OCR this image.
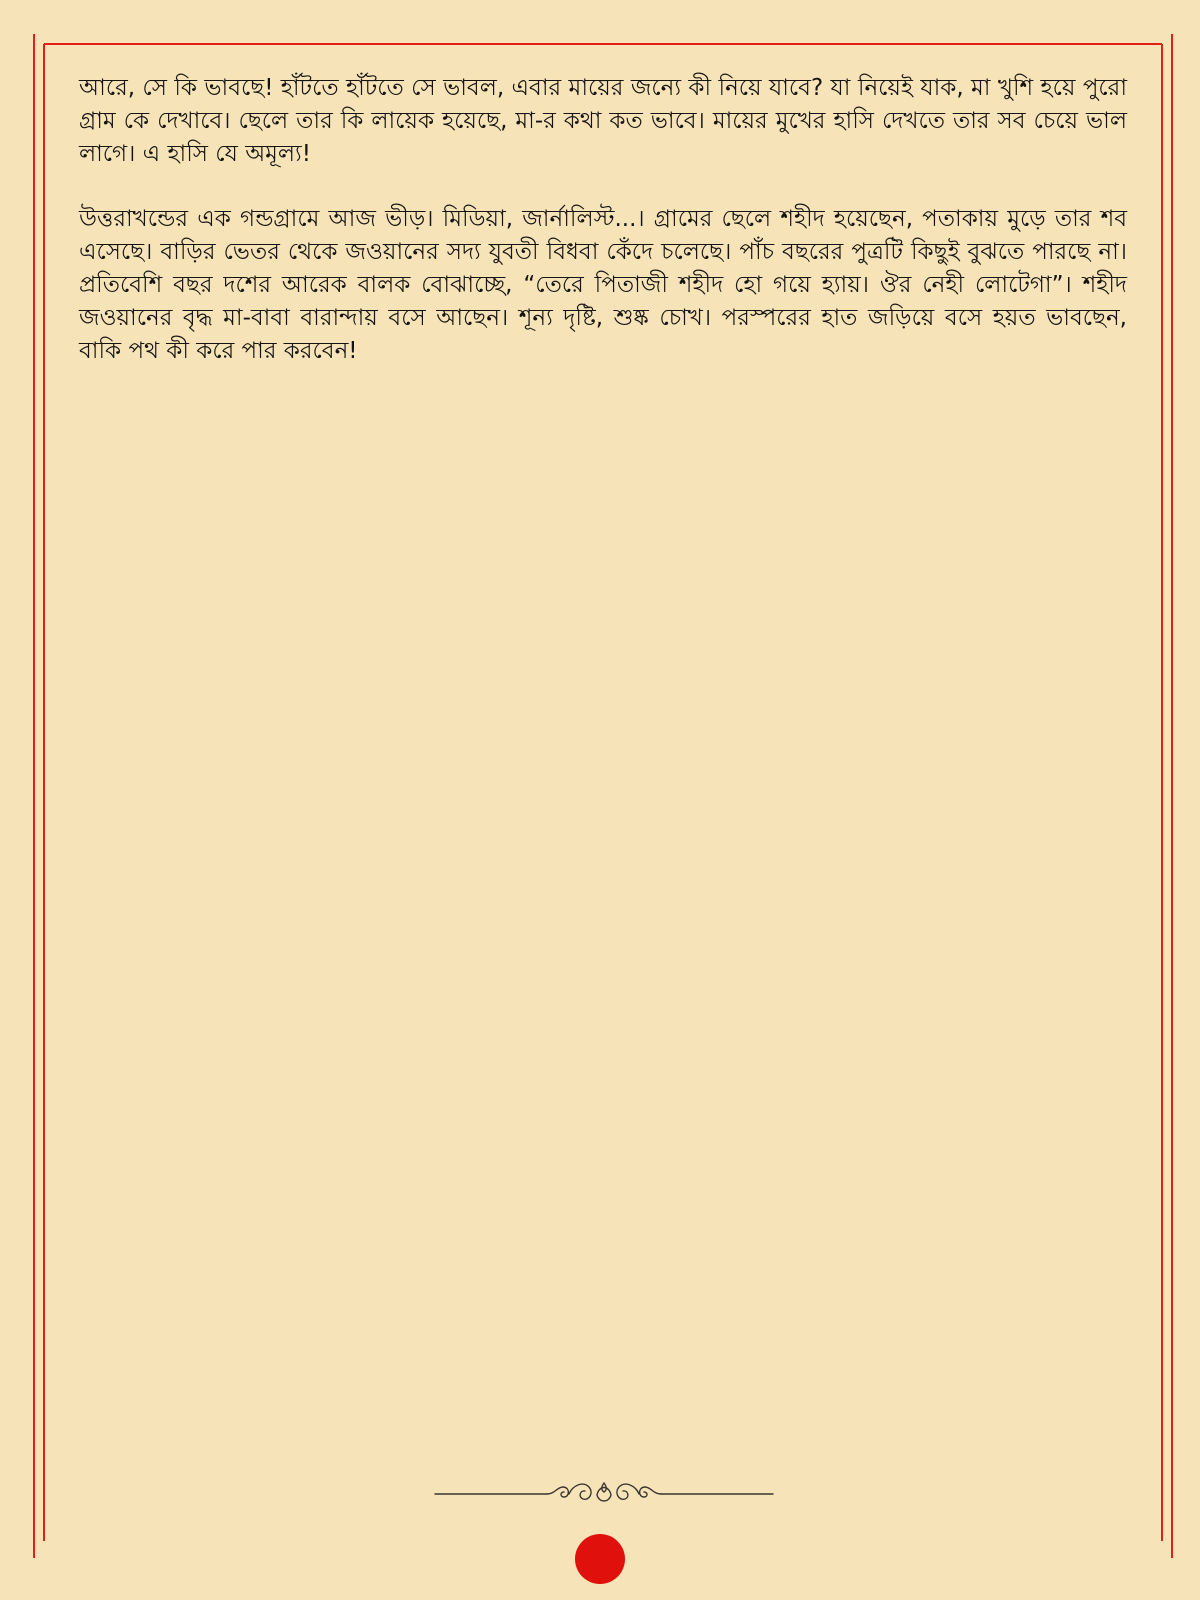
আরে, সে কি ভাবছে! হাঁটতে হাঁটতে সে ভাবল, এবার মায়ের জন্যে কী নিয়ে যাবে? যা নিয়েই যাক, মা খুশি হয়ে পুরো গ্রাম কে দেখাবে। ছেলে তার কি লায়েক হয়েছে, মা-র কথা কত ভাবে। মায়ের মুখের হাসি দেখতে তার সব চেয়ে ভাল লাগে। এ হাসি যে অমূল্য!

উত্তরাখন্ডের এক গন্ডগ্রামে আজ ভীড়। মিডিয়া, জার্নালিস্ট...। গ্রামের ছেলে শহীদ হয়েছেন, পতাকায় মুড়ে তার শব এসেছে। বাড়ির ভেতর থেকে জওয়ানের সদ্য যুবতী বিধবা কেঁদে চলেছে। পাঁচ বছরের পুত্রটি কিছুই বুঝতে পারছে না। প্রতিবেশি বছর দশের আরেক বালক বোঝাচ্ছে, “তেরে পিতাজী শহীদ হো গয়ে হ্যায়। ঔর নেহী লোটেগা”। শহীদ জওয়ানের বৃদ্ধ মা-বাবা বারান্দায় বসে আছেন। শূন্য দৃষ্টি, শুষ্ক চোখ। পরস্পরের হাত জড়িয়ে বসে হয়ত ভাবছেন, বাকি পথ কী করে পার করবেন!
